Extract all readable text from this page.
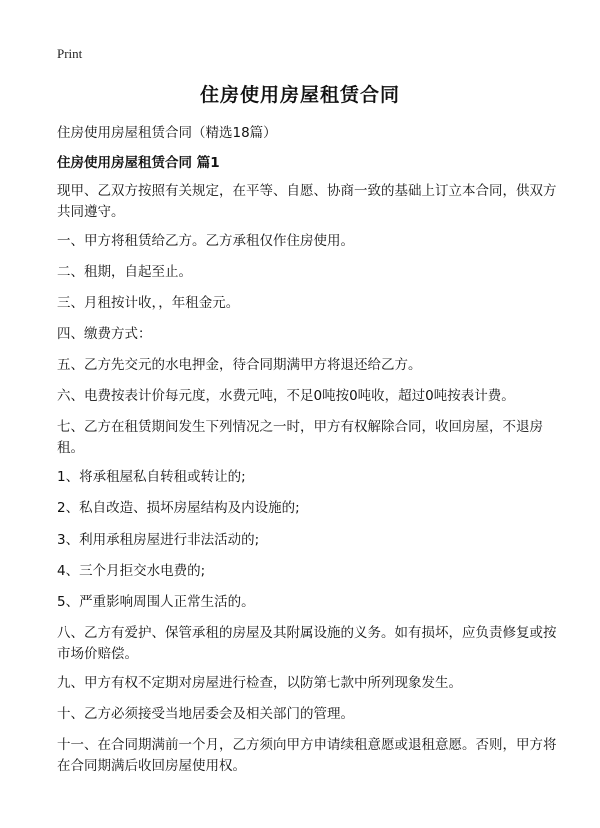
Print
住房使用房屋租赁合同
住房使用房屋租赁合同（精选18篇）
住房使用房屋租赁合同 篇1
现甲、乙双方按照有关规定，在平等、自愿、协商一致的基础上订立本合同，供双方共同遵守。
一、甲方将租赁给乙方。乙方承租仅作住房使用。
二、租期，自起至止。
三、月租按计收，，年租金元。
四、缴费方式：
五、乙方先交元的水电押金，待合同期满甲方将退还给乙方。
六、电费按表计价每元度，水费元吨，不足0吨按0吨收，超过0吨按表计费。
七、乙方在租赁期间发生下列情况之一时，甲方有权解除合同，收回房屋，不退房租。
1、将承租屋私自转租或转让的;
2、私自改造、损坏房屋结构及内设施的;
3、利用承租房屋进行非法活动的;
4、三个月拒交水电费的;
5、严重影响周围人正常生活的。
八、乙方有爱护、保管承租的房屋及其附属设施的义务。如有损坏，应负责修复或按市场价赔偿。
九、甲方有权不定期对房屋进行检查，以防第七款中所列现象发生。
十、乙方必须接受当地居委会及相关部门的管理。
十一、在合同期满前一个月，乙方须向甲方申请续租意愿或退租意愿。否则，甲方将在合同期满后收回房屋使用权。
